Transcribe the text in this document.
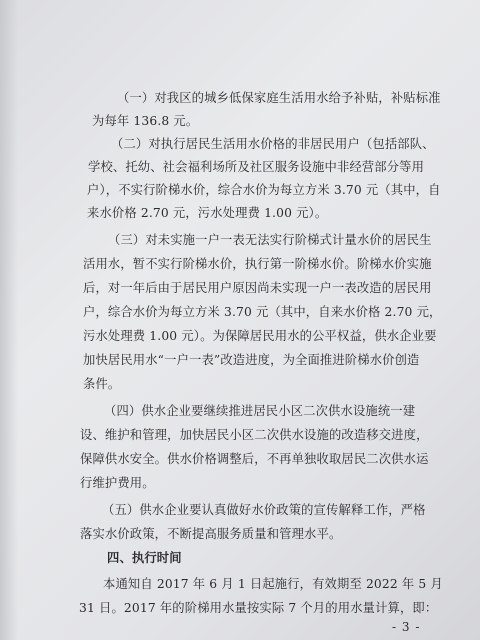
（一）对我区的城乡低保家庭生活用水给予补贴，补贴标准
为每年 136.8 元。
（二）对执行居民生活用水价格的非居民用户（包括部队、
学校、托幼、社会福利场所及社区服务设施中非经营部分等用
户），不实行阶梯水价，综合水价为每立方米 3.70 元（其中，自
来水价格 2.70 元，污水处理费 1.00 元）。
（三）对未实施一户一表无法实行阶梯式计量水价的居民生
活用水，暂不实行阶梯水价，执行第一阶梯水价。阶梯水价实施
后，对一年后由于居民用户原因尚未实现一户一表改造的居民用
户，综合水价为每立方米 3.70 元（其中，自来水价格 2.70 元，
污水处理费 1.00 元）。为保障居民用水的公平权益，供水企业要
加快居民用水“一户一表”改造进度，为全面推进阶梯水价创造
条件。
（四）供水企业要继续推进居民小区二次供水设施统一建
设、维护和管理，加快居民小区二次供水设施的改造移交进度，
保障供水安全。供水价格调整后，不再单独收取居民二次供水运
行维护费用。
（五）供水企业要认真做好水价政策的宣传解释工作，严格
落实水价政策，不断提高服务质量和管理水平。
四、执行时间
本通知自 2017 年 6 月 1 日起施行，有效期至 2022 年 5 月
31 日。2017 年的阶梯用水量按实际 7 个月的用水量计算，即：
- 3 -
